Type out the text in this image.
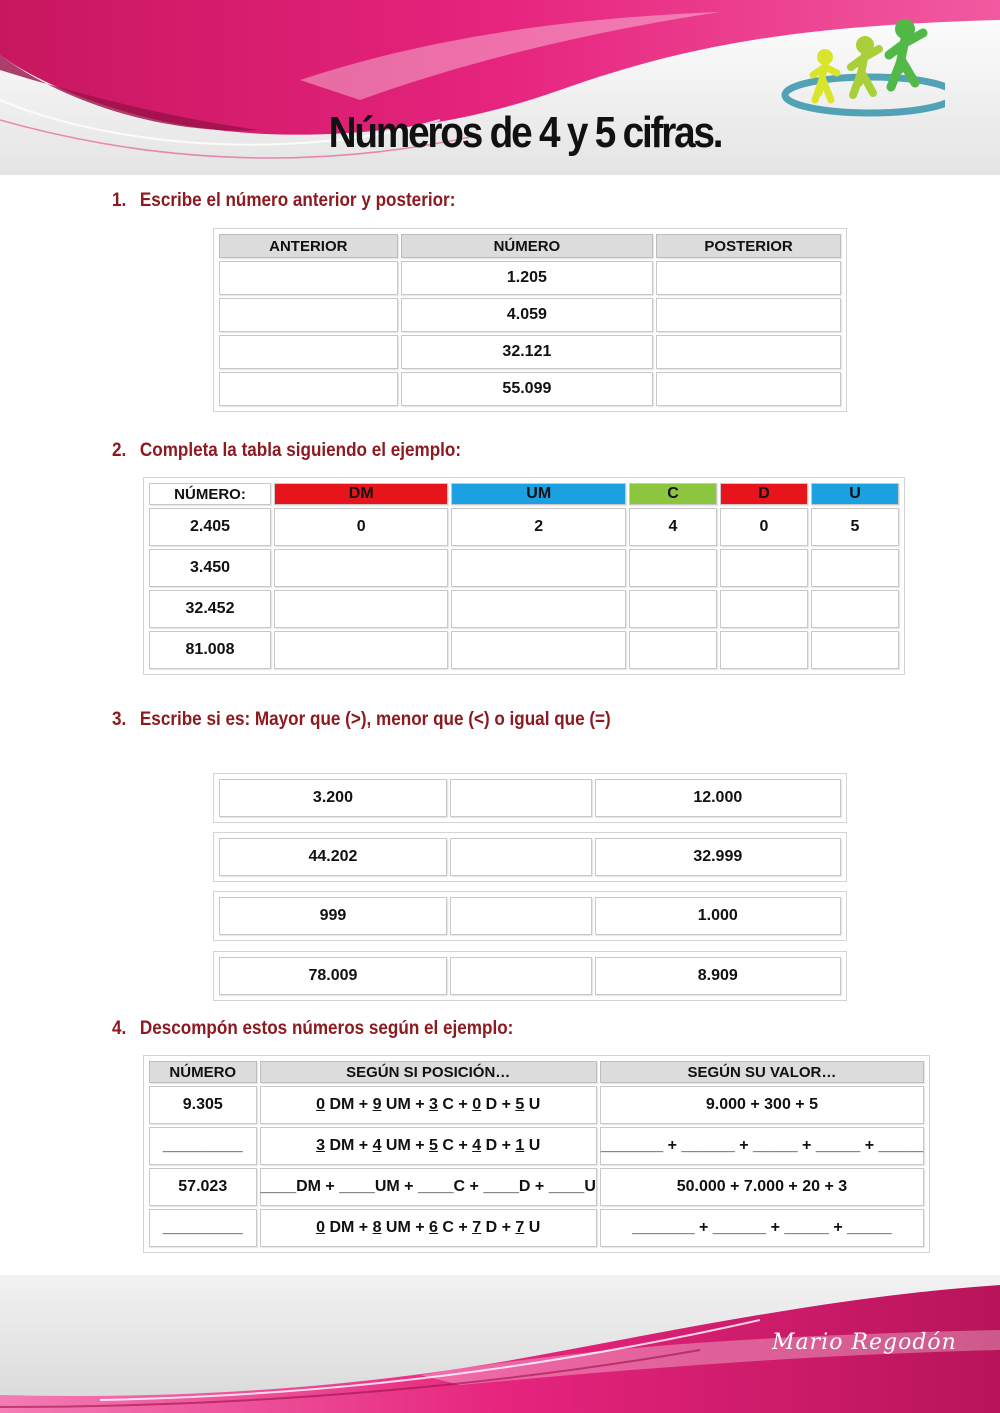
Números de 4 y 5 cifras.
1. Escribe el número anterior y posterior:
ANTERIOR	NÚMERO	POSTERIOR
	1.205	
	4.059	
	32.121	
	55.099	
2. Completa la tabla siguiendo el ejemplo:
NÚMERO:	DM	UM	C	D	U
2.405	0	2	4	0	5
3.450					
32.452					
81.008					
3. Escribe si es: Mayor que (>), menor que (<) o igual que (=)
3.200		12.000
44.202		32.999
999		1.000
78.009		8.909
4. Descompón estos números según el ejemplo:
NÚMERO	SEGÚN SI POSICIÓN…	SEGÚN SU VALOR…
9.305	0 DM + 9 UM + 3 C + 0 D + 5 U	9.000 + 300 + 5
_________	3 DM + 4 UM + 5 C + 4 D + 1 U	_______ + ______ + _____ + _____ + _____
57.023	____DM + ____UM + ____C + ____D + ____U	50.000 + 7.000 + 20 + 3
_________	0 DM + 8 UM + 6 C + 7 D + 7 U	_______ + ______ + _____ + _____
Mario Regodón
